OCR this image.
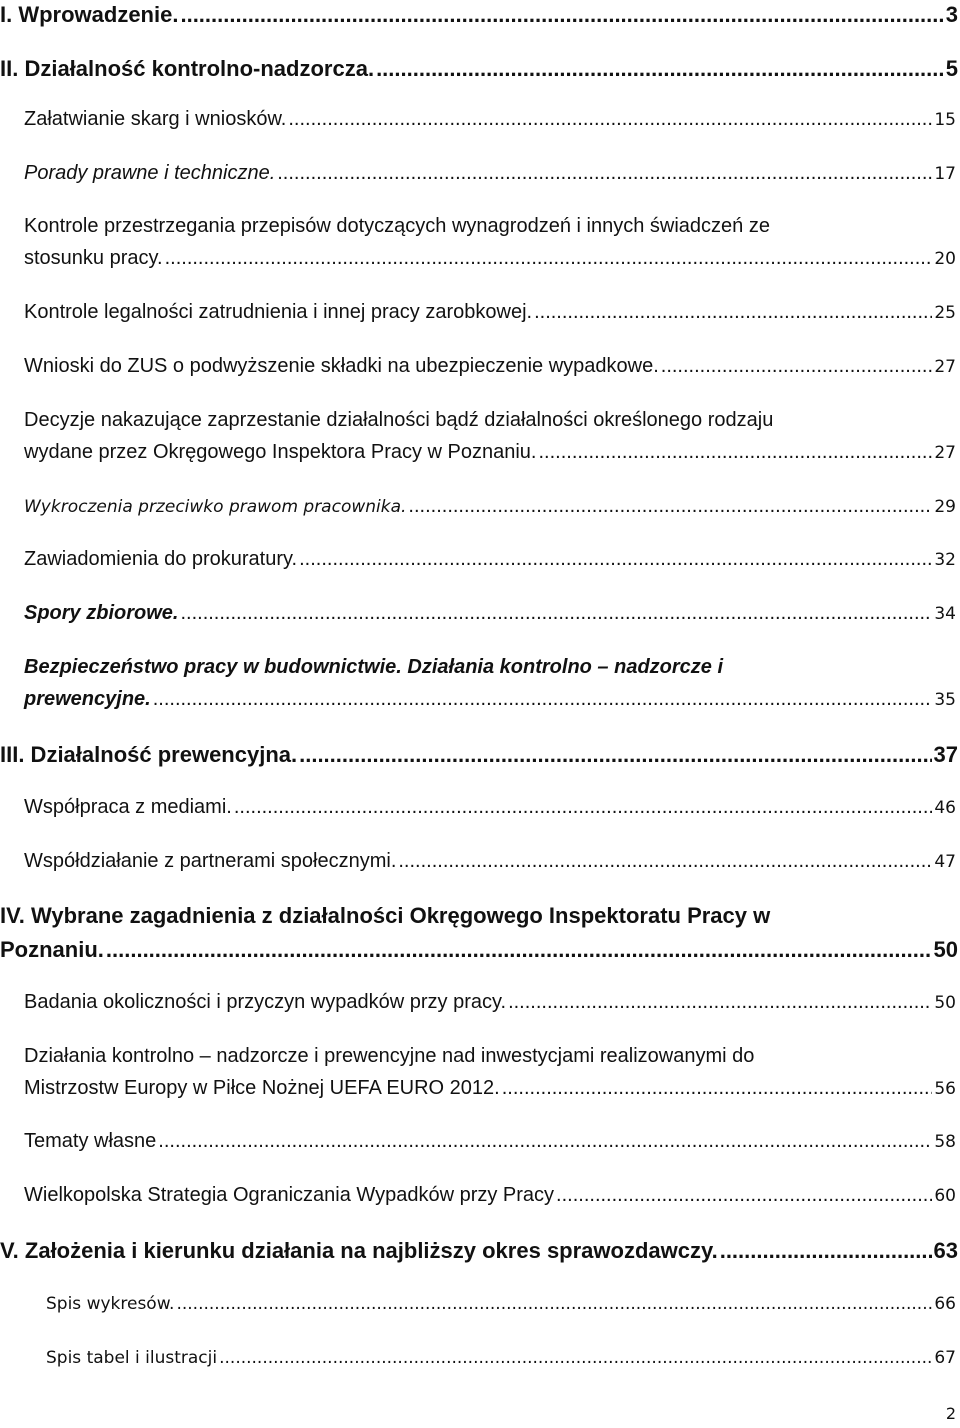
I. Wprowadzenie. .....	3
II. Działalność kontrolno-nadzorcza. .....	5
Załatwianie skarg i wniosków. .....	15
Porady prawne i techniczne. .....	17
Kontrole przestrzegania przepisów dotyczących wynagrodzeń i innych świadczeń ze
stosunku pracy. .....	20
Kontrole legalności zatrudnienia i innej pracy zarobkowej. .....	25
Wnioski do ZUS o podwyższenie składki na ubezpieczenie wypadkowe. .....	27
Decyzje nakazujące zaprzestanie działalności bądź działalności określonego rodzaju
wydane przez Okręgowego Inspektora Pracy w Poznaniu. .....	27
Wykroczenia przeciwko prawom pracownika. .....	29
Zawiadomienia do prokuratury. .....	32
Spory zbiorowe. .....	34
Bezpieczeństwo pracy w budownictwie. Działania kontrolno – nadzorcze i
prewencyjne. .....	35
III. Działalność prewencyjna. .....	37
Współpraca z mediami. .....	46
Współdziałanie z partnerami społecznymi. .....	47
IV. Wybrane zagadnienia z działalności Okręgowego Inspektoratu Pracy w
Poznaniu. .....	50
Badania okoliczności i przyczyn wypadków przy pracy. .....	50
Działania kontrolno – nadzorcze i prewencyjne nad inwestycjami realizowanymi do
Mistrzostw Europy w Piłce Nożnej UEFA EURO 2012. .....	56
Tematy własne .....	58
Wielkopolska Strategia Ograniczania Wypadków przy Pracy .....	60
V. Założenia i kierunku działania na najbliższy okres sprawozdawczy. .....	63
Spis wykresów. .....	66
Spis tabel i ilustracji .....	67
2
